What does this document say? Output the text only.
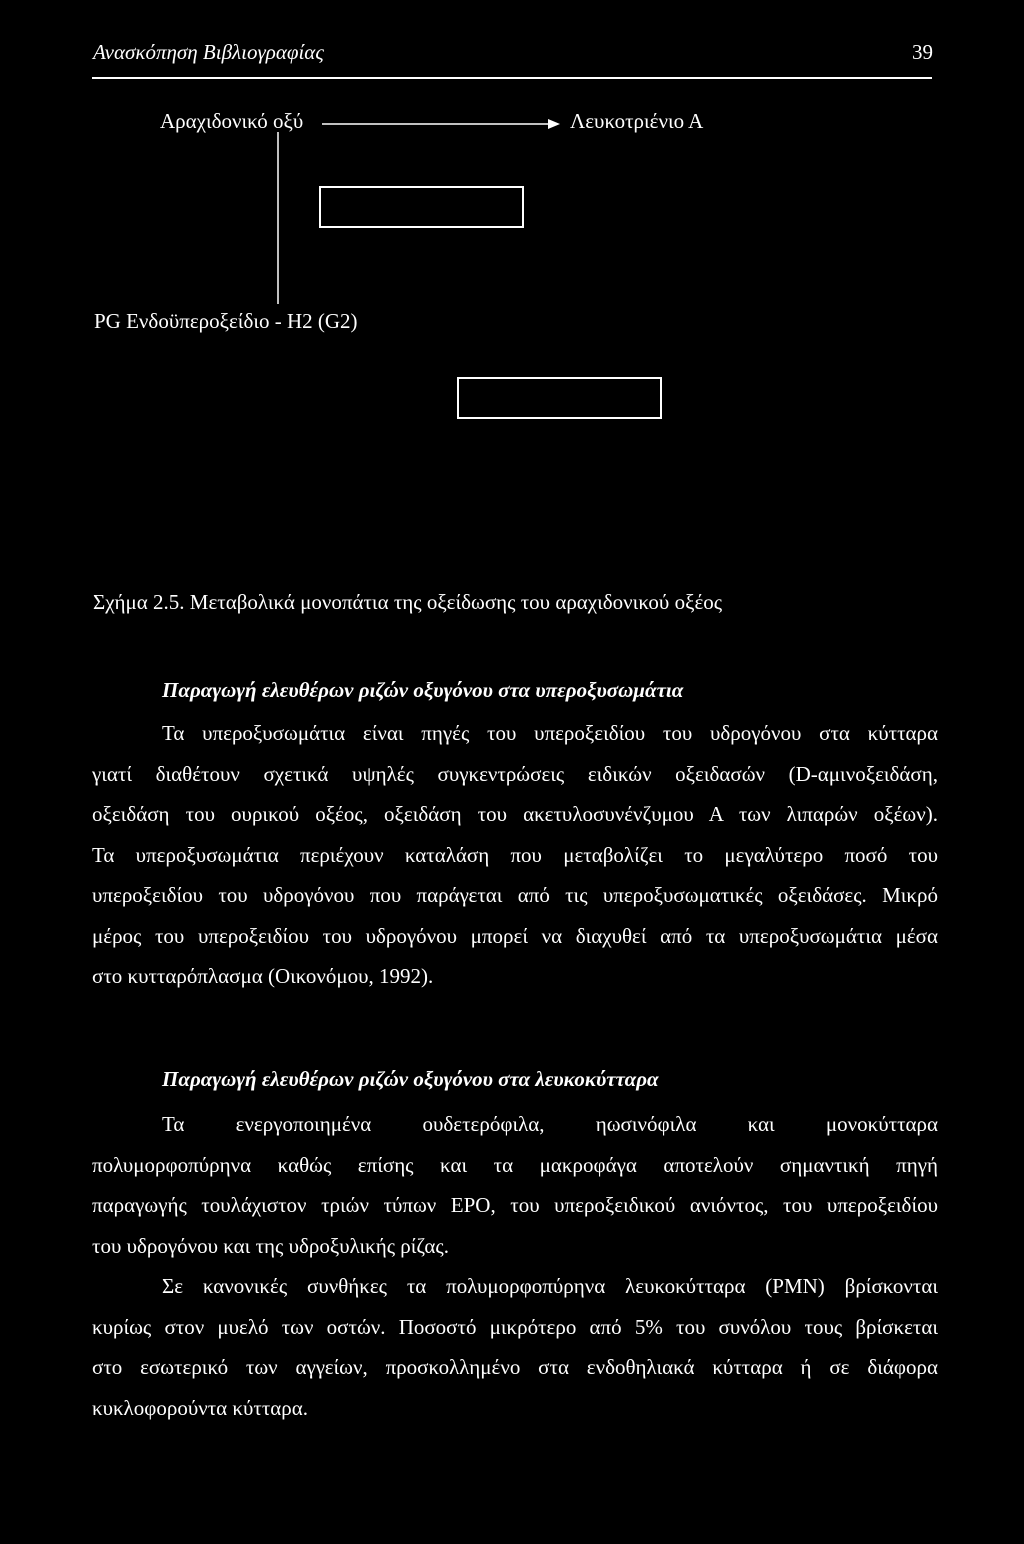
Ανασκόπηση Βιβλιογραφίας	39
Αραχιδονικό οξύ	Λευκοτριένιο Α
PG Ενδοϋπεροξείδιο - H2 (G2)
Σχήμα 2.5. Μεταβολικά μονοπάτια της οξείδωσης του αραχιδονικού οξέος
Παραγωγή ελευθέρων ριζών οξυγόνου στα υπεροξυσωμάτια
Τα υπεροξυσωμάτια είναι πηγές του υπεροξειδίου του υδρογόνου στα κύτταρα
γιατί διαθέτουν σχετικά υψηλές συγκεντρώσεις ειδικών οξειδασών (D-αμινοξειδάση,
οξειδάση του ουρικού οξέος, οξειδάση του ακετυλοσυνένζυμου Α των λιπαρών οξέων).
Τα υπεροξυσωμάτια περιέχουν καταλάση που μεταβολίζει το μεγαλύτερο ποσό του
υπεροξειδίου του υδρογόνου που παράγεται από τις υπεροξυσωματικές οξειδάσες. Μικρό
μέρος του υπεροξειδίου του υδρογόνου μπορεί να διαχυθεί από τα υπεροξυσωμάτια μέσα
στο κυτταρόπλασμα (Οικονόμου, 1992).
Παραγωγή ελευθέρων ριζών οξυγόνου στα λευκοκύτταρα
Τα ενεργοποιημένα ουδετερόφιλα, ηωσινόφιλα και μονοκύτταρα
πολυμορφοπύρηνα καθώς επίσης και τα μακροφάγα αποτελούν σημαντική πηγή
παραγωγής τουλάχιστον τριών τύπων ΕΡΟ, του υπεροξειδικού ανιόντος, του υπεροξειδίου
του υδρογόνου και της υδροξυλικής ρίζας.
Σε κανονικές συνθήκες τα πολυμορφοπύρηνα λευκοκύτταρα (PMN) βρίσκονται
κυρίως στον μυελό των οστών. Ποσοστό μικρότερο από 5% του συνόλου τους βρίσκεται
στο εσωτερικό των αγγείων, προσκολλημένο στα ενδοθηλιακά κύτταρα ή σε διάφορα
κυκλοφορούντα κύτταρα.
